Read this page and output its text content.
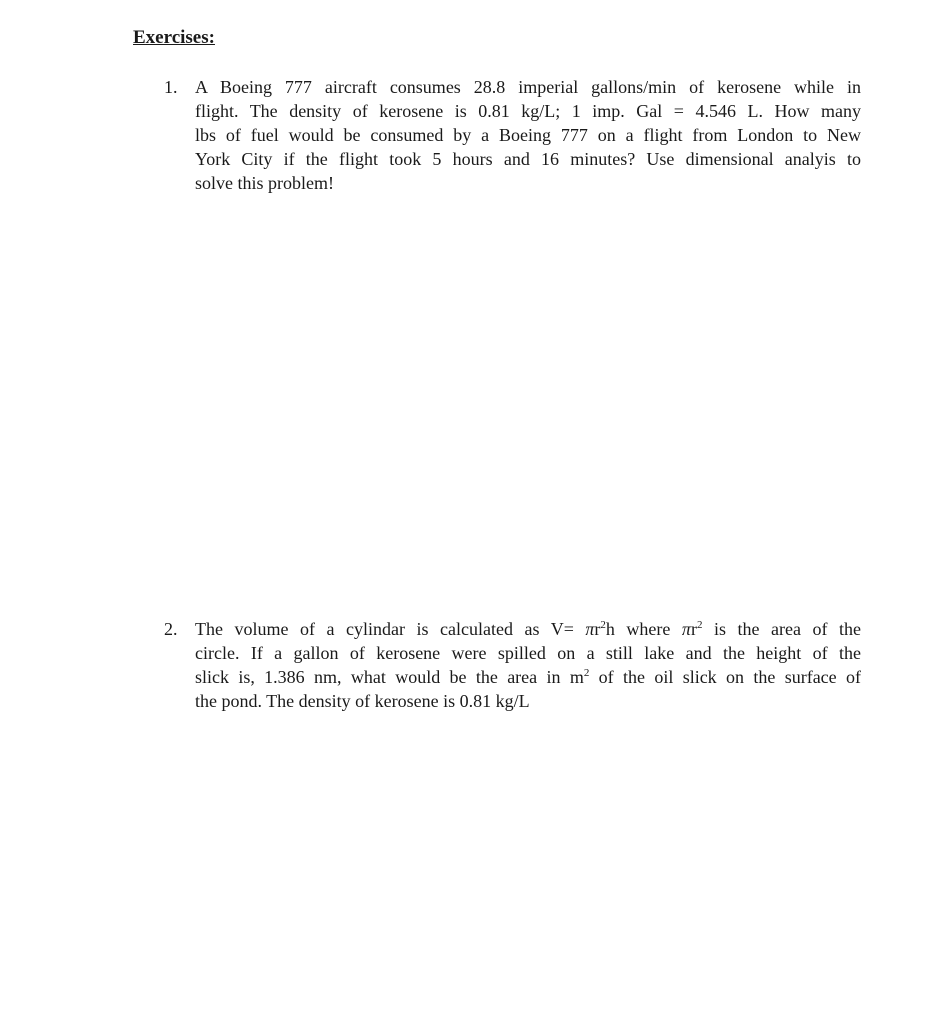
Exercises:
1. A Boeing 777 aircraft consumes 28.8 imperial gallons/min of kerosene while in
flight. The density of kerosene is 0.81 kg/L; 1 imp. Gal = 4.546 L. How many
lbs of fuel would be consumed by a Boeing 777 on a flight from London to New
York City if the flight took 5 hours and 16 minutes? Use dimensional analyis to
solve this problem!
2. The volume of a cylindar is calculated as $V= \pi r^2h$ where $\pi r^2$ is the area of the
circle. If a gallon of kerosene were spilled on a still lake and the height of the
slick is, 1.386 nm, what would be the area in $m^2$ of the oil slick on the surface of
the pond. The density of kerosene is 0.81 kg/L
